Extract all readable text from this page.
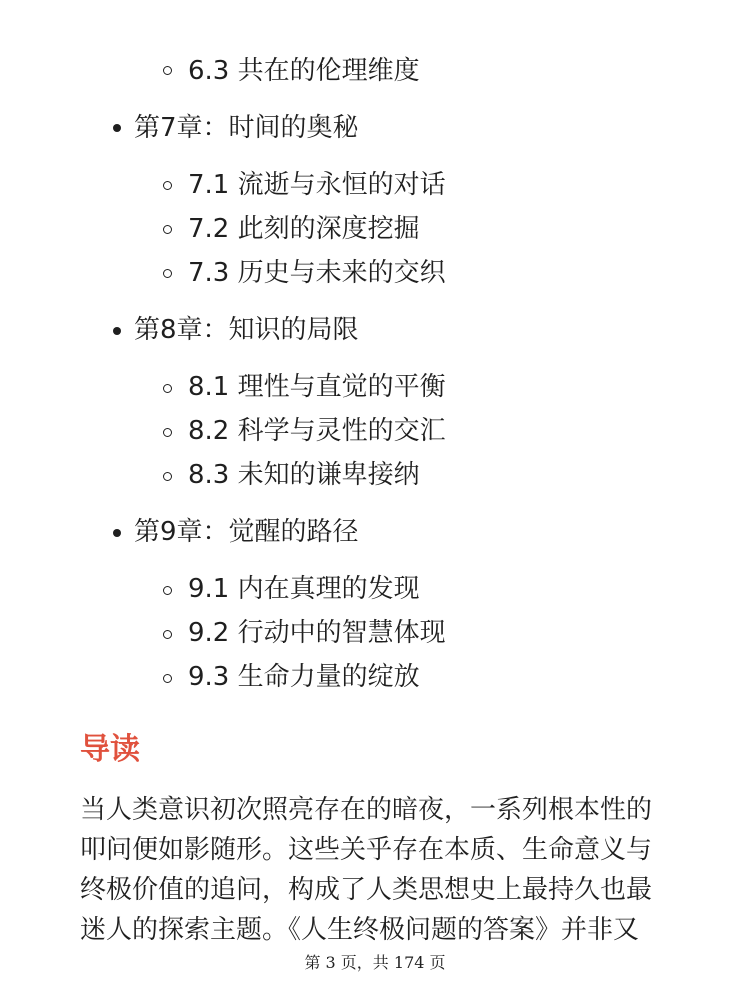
6.3 共在的伦理维度
第7章：时间的奥秘
7.1 流逝与永恒的对话
7.2 此刻的深度挖掘
7.3 历史与未来的交织
第8章：知识的局限
8.1 理性与直觉的平衡
8.2 科学与灵性的交汇
8.3 未知的谦卑接纳
第9章：觉醒的路径
9.1 内在真理的发现
9.2 行动中的智慧体现
9.3 生命力量的绽放
导读
当人类意识初次照亮存在的暗夜，一系列根本性的
叩问便如影随形。这些关乎存在本质、生命意义与
终极价值的追问，构成了人类思想史上最持久也最
迷人的探索主题。《人生终极问题的答案》并非又
第 3 页，共 174 页
